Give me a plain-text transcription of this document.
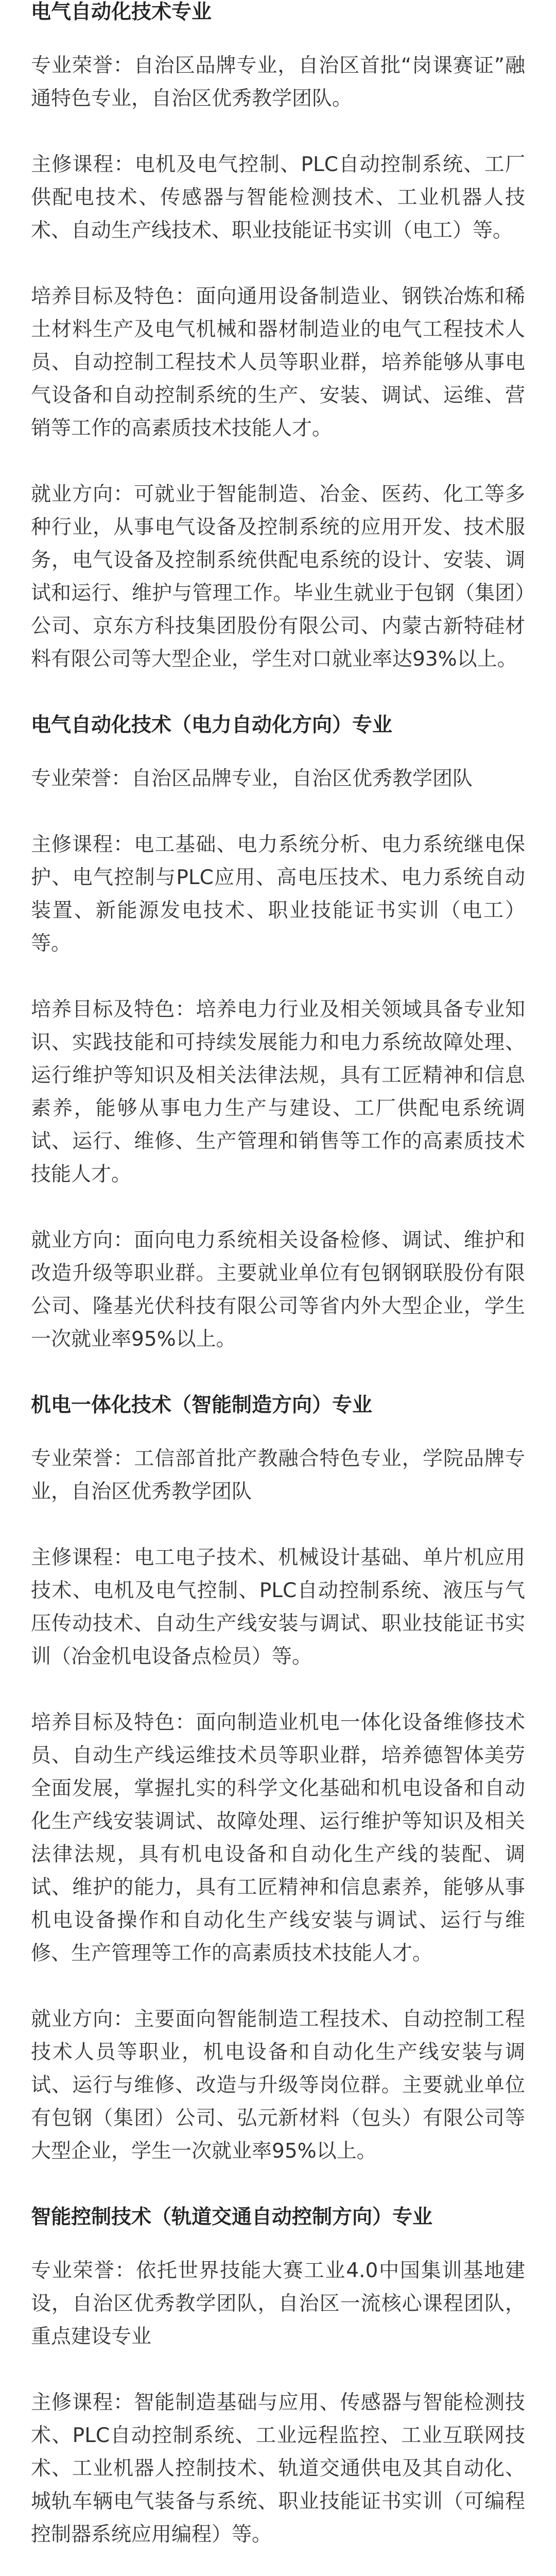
电气自动化技术专业

专业荣誉：自治区品牌专业，自治区首批“岗课赛证”融通特色专业，自治区优秀教学团队。

主修课程：电机及电气控制、PLC自动控制系统、工厂供配电技术、传感器与智能检测技术、工业机器人技术、自动生产线技术、职业技能证书实训（电工）等。

培养目标及特色：面向通用设备制造业、钢铁冶炼和稀土材料生产及电气机械和器材制造业的电气工程技术人员、自动控制工程技术人员等职业群，培养能够从事电气设备和自动控制系统的生产、安装、调试、运维、营销等工作的高素质技术技能人才。

就业方向：可就业于智能制造、冶金、医药、化工等多种行业，从事电气设备及控制系统的应用开发、技术服务，电气设备及控制系统供配电系统的设计、安装、调试和运行、维护与管理工作。毕业生就业于包钢（集团）公司、京东方科技集团股份有限公司、内蒙古新特硅材料有限公司等大型企业，学生对口就业率达93%以上。

电气自动化技术（电力自动化方向）专业

专业荣誉：自治区品牌专业，自治区优秀教学团队

主修课程：电工基础、电力系统分析、电力系统继电保护、电气控制与PLC应用、高电压技术、电力系统自动装置、新能源发电技术、职业技能证书实训（电工）等。

培养目标及特色：培养电力行业及相关领域具备专业知识、实践技能和可持续发展能力和电力系统故障处理、运行维护等知识及相关法律法规，具有工匠精神和信息素养，能够从事电力生产与建设、工厂供配电系统调试、运行、维修、生产管理和销售等工作的高素质技术技能人才。

就业方向：面向电力系统相关设备检修、调试、维护和改造升级等职业群。主要就业单位有包钢钢联股份有限公司、隆基光伏科技有限公司等省内外大型企业，学生一次就业率95%以上。

机电一体化技术（智能制造方向）专业

专业荣誉：工信部首批产教融合特色专业，学院品牌专业，自治区优秀教学团队

主修课程：电工电子技术、机械设计基础、单片机应用技术、电机及电气控制、PLC自动控制系统、液压与气压传动技术、自动生产线安装与调试、职业技能证书实训（冶金机电设备点检员）等。

培养目标及特色：面向制造业机电一体化设备维修技术员、自动生产线运维技术员等职业群，培养德智体美劳全面发展，掌握扎实的科学文化基础和机电设备和自动化生产线安装调试、故障处理、运行维护等知识及相关法律法规，具有机电设备和自动化生产线的装配、调试、维护的能力，具有工匠精神和信息素养，能够从事机电设备操作和自动化生产线安装与调试、运行与维修、生产管理等工作的高素质技术技能人才。

就业方向：主要面向智能制造工程技术、自动控制工程技术人员等职业，机电设备和自动化生产线安装与调试、运行与维修、改造与升级等岗位群。主要就业单位有包钢（集团）公司、弘元新材料（包头）有限公司等大型企业，学生一次就业率95%以上。

智能控制技术（轨道交通自动控制方向）专业

专业荣誉：依托世界技能大赛工业4.0中国集训基地建设，自治区优秀教学团队，自治区一流核心课程团队，重点建设专业

主修课程：智能制造基础与应用、传感器与智能检测技术、PLC自动控制系统、工业远程监控、工业互联网技术、工业机器人控制技术、轨道交通供电及其自动化、城轨车辆电气装备与系统、职业技能证书实训（可编程控制器系统应用编程）等。
